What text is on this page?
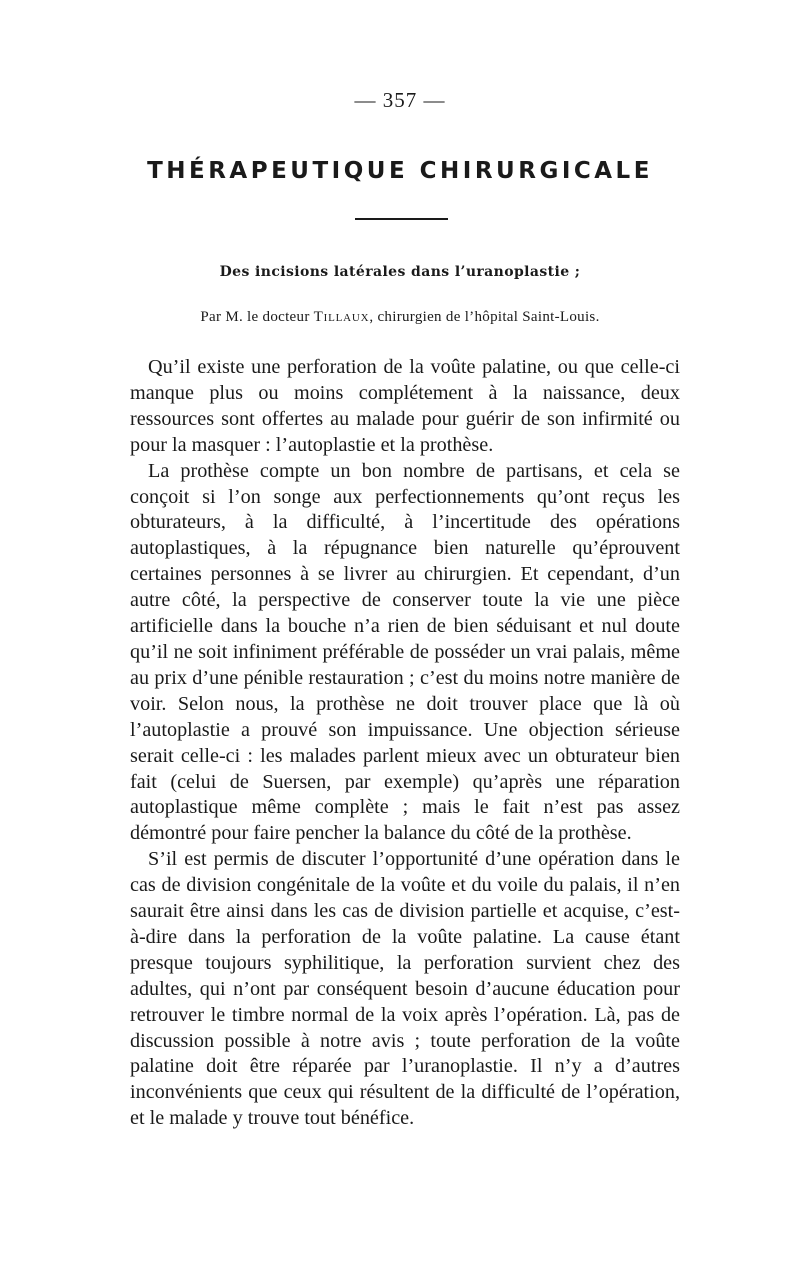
— 357 —
THÉRAPEUTIQUE CHIRURGICALE
Des incisions latérales dans l’uranoplastie ;
Par M. le docteur Tillaux, chirurgien de l’hôpital Saint-Louis.

Qu’il existe une perforation de la voûte palatine, ou que celle-ci manque plus ou moins complétement à la naissance, deux ressources sont offertes au malade pour guérir de son infirmité ou pour la masquer : l’autoplastie et la prothèse.

La prothèse compte un bon nombre de partisans, et cela se conçoit si l’on songe aux perfectionnements qu’ont reçus les obturateurs, à la difficulté, à l’incertitude des opérations autoplastiques, à la répugnance bien naturelle qu’éprouvent certaines personnes à se livrer au chirurgien. Et cependant, d’un autre côté, la perspective de conserver toute la vie une pièce artificielle dans la bouche n’a rien de bien séduisant et nul doute qu’il ne soit infiniment préférable de posséder un vrai palais, même au prix d’une pénible restauration ; c’est du moins notre manière de voir. Selon nous, la prothèse ne doit trouver place que là où l’autoplastie a prouvé son impuissance. Une objection sérieuse serait celle-ci : les malades parlent mieux avec un obturateur bien fait (celui de Suersen, par exemple) qu’après une réparation autoplastique même complète ; mais le fait n’est pas assez démontré pour faire pencher la balance du côté de la prothèse.

S’il est permis de discuter l’opportunité d’une opération dans le cas de division congénitale de la voûte et du voile du palais, il n’en saurait être ainsi dans les cas de division partielle et acquise, c’est-à-dire dans la perforation de la voûte palatine. La cause étant presque toujours syphilitique, la perforation survient chez des adultes, qui n’ont par conséquent besoin d’aucune éducation pour retrouver le timbre normal de la voix après l’opération. Là, pas de discussion possible à notre avis ; toute perforation de la voûte palatine doit être réparée par l’uranoplastie. Il n’y a d’autres inconvénients que ceux qui résultent de la difficulté de l’opération, et le malade y trouve tout bénéfice.
